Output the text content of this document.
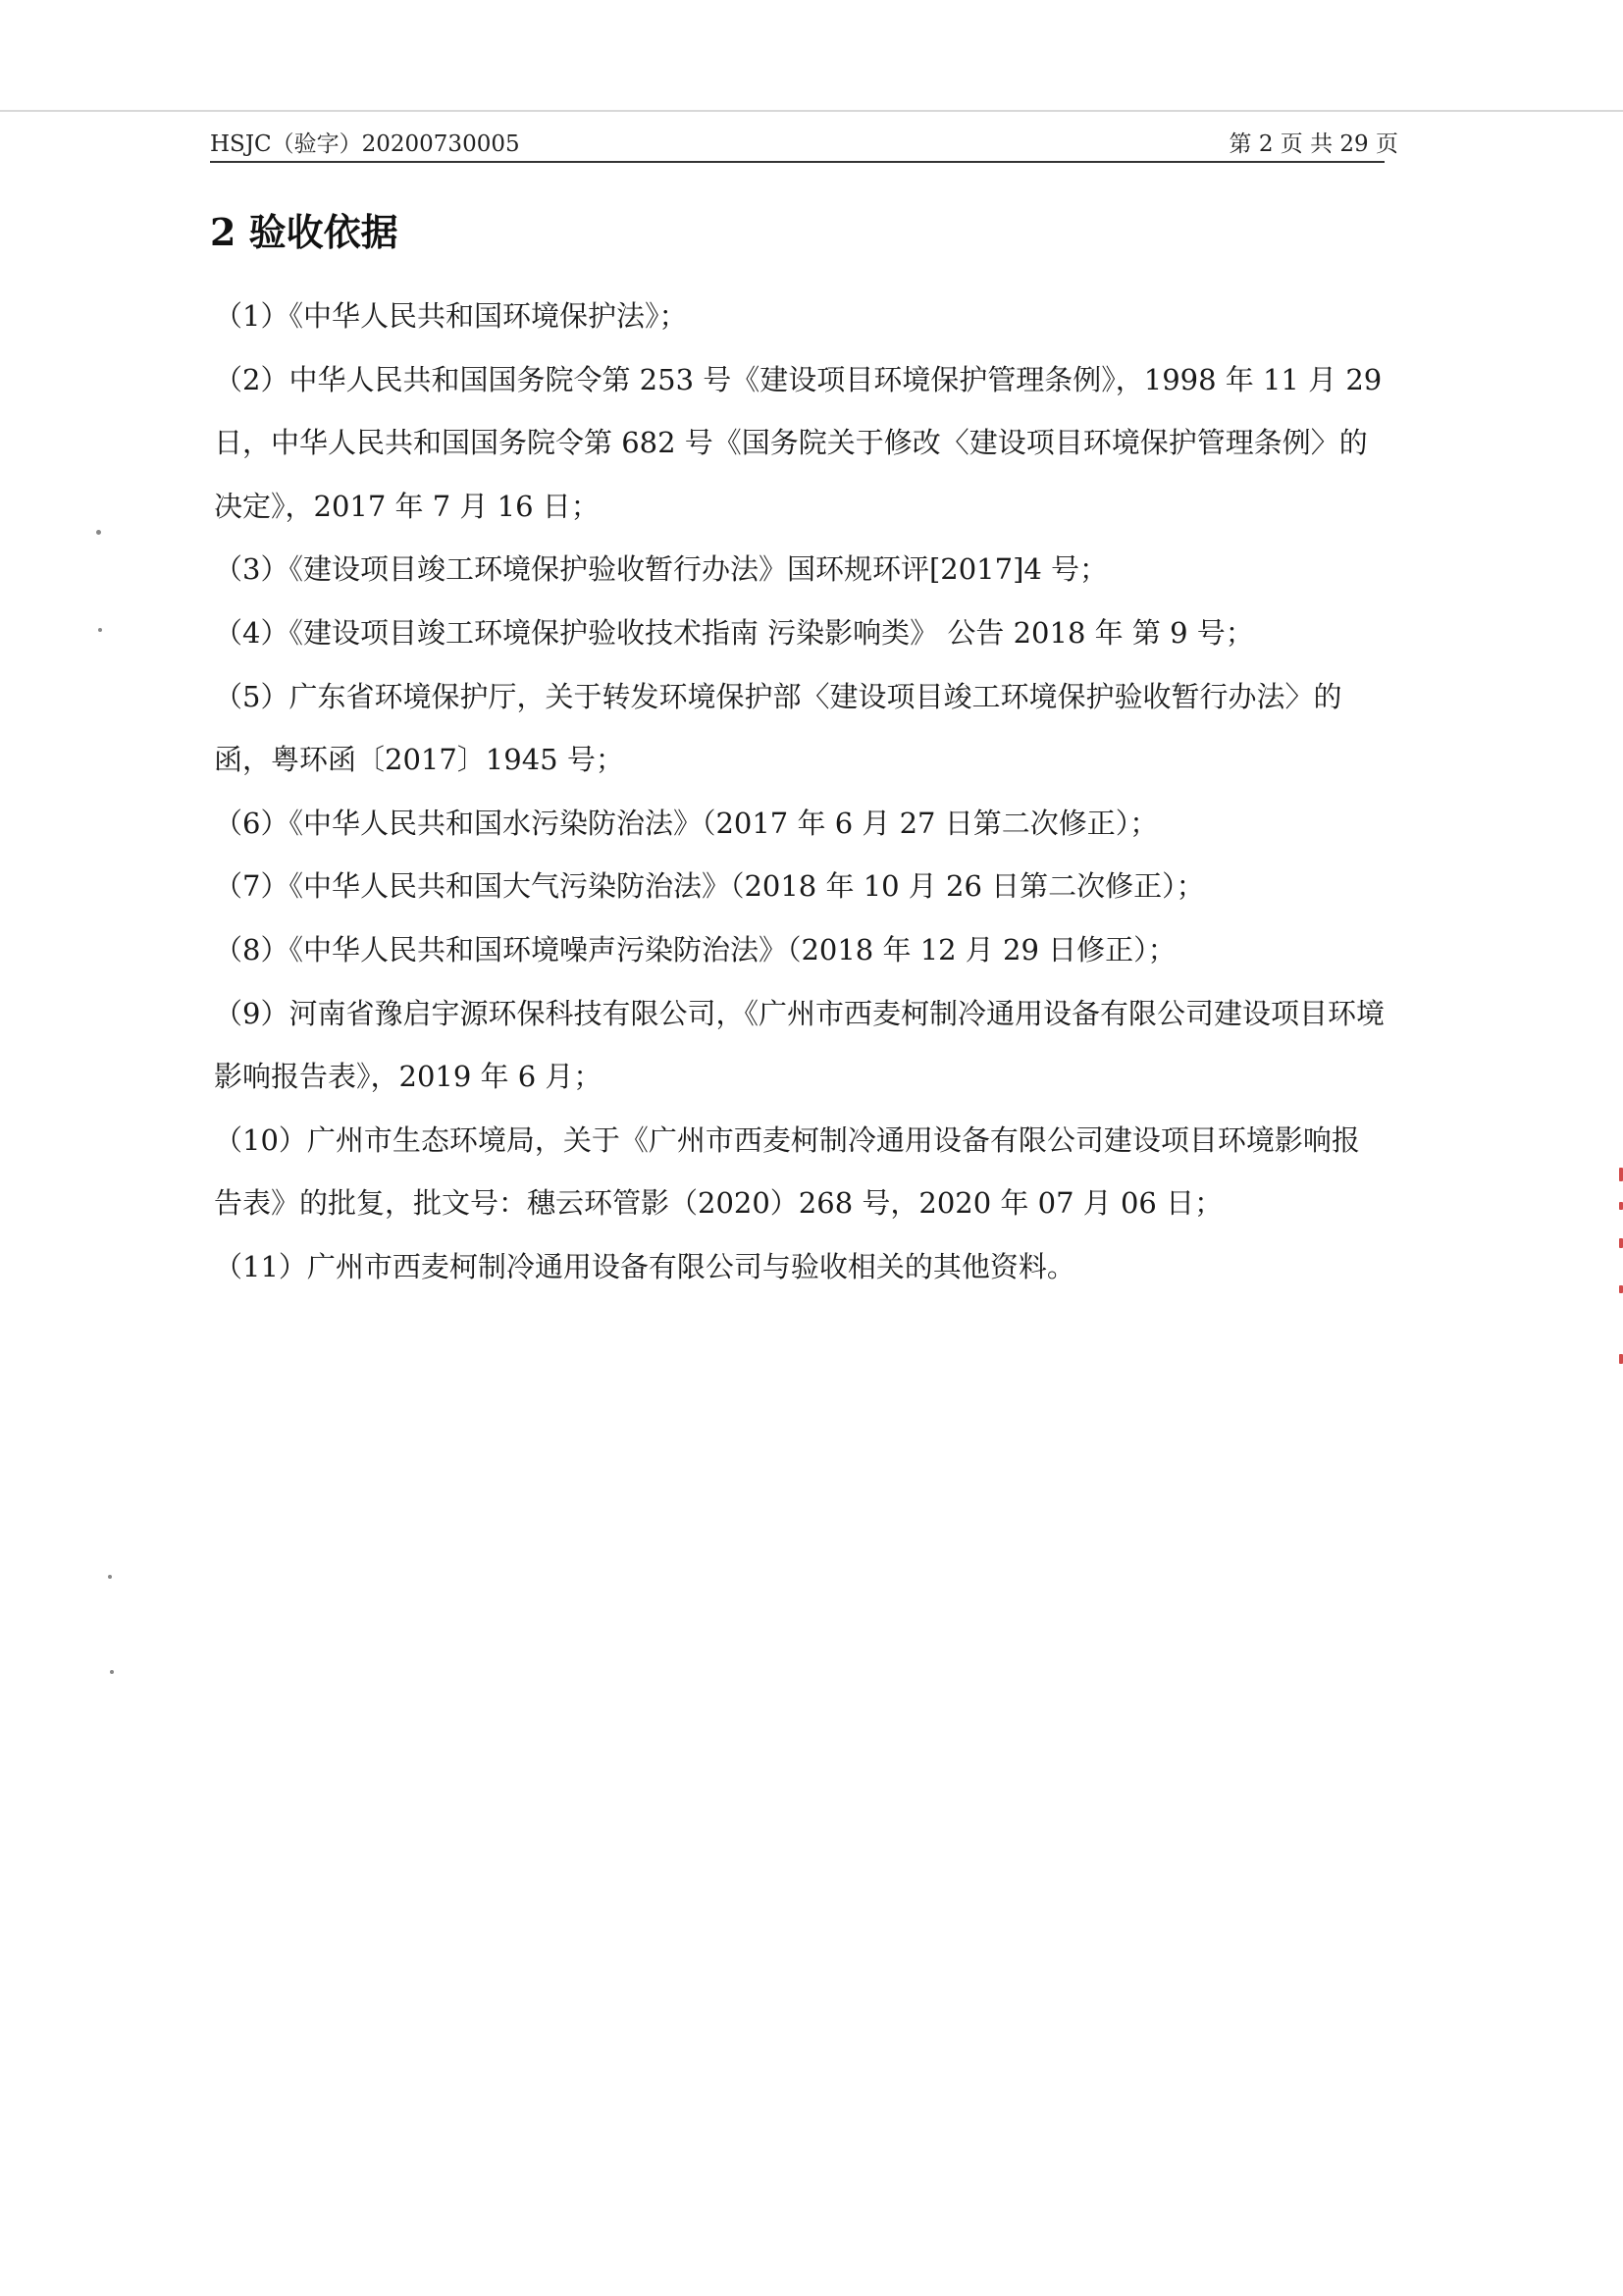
HSJC（验字）20200730005	第 2 页 共 29 页
2 验收依据

（1）《中华人民共和国环境保护法》；

（2）中华人民共和国国务院令第 253 号《建设项目环境保护管理条例》，1998 年 11 月 29 日，中华人民共和国国务院令第 682 号《国务院关于修改〈建设项目环境保护管理条例〉的决定》，2017 年 7 月 16 日；

（3）《建设项目竣工环境保护验收暂行办法》国环规环评[2017]4 号；

（4）《建设项目竣工环境保护验收技术指南 污染影响类》 公告 2018 年 第 9 号；

（5）广东省环境保护厅，关于转发环境保护部〈建设项目竣工环境保护验收暂行办法〉的函，粤环函〔2017〕1945 号；

（6）《中华人民共和国水污染防治法》（2017 年 6 月 27 日第二次修正）；

（7）《中华人民共和国大气污染防治法》（2018 年 10 月 26 日第二次修正）；

（8）《中华人民共和国环境噪声污染防治法》（2018 年 12 月 29 日修正）；

（9）河南省豫启宇源环保科技有限公司，《广州市西麦柯制冷通用设备有限公司建设项目环境影响报告表》，2019 年 6 月；

（10）广州市生态环境局，关于《广州市西麦柯制冷通用设备有限公司建设项目环境影响报告表》的批复，批文号：穗云环管影（2020）268 号，2020 年 07 月 06 日；

（11）广州市西麦柯制冷通用设备有限公司与验收相关的其他资料。
